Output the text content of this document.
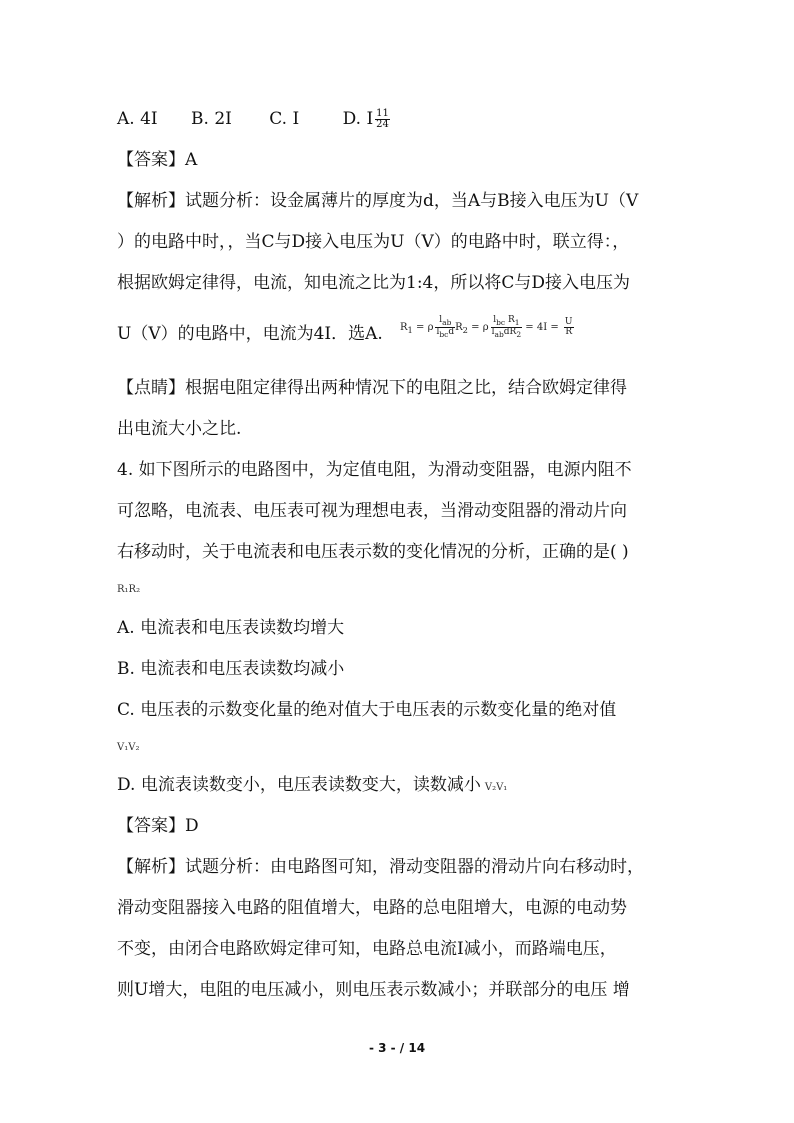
A. 4I B. 2I C. I	D. I $\frac{11}{24}$
【答案】A
【解析】试题分析：设金属薄片的厚度为d，当A与B接入电压为U（V
）的电路中时，，当C与D接入电压为U（V）的电路中时，联立得：，
根据欧姆定律得，电流，知电流之比为1:4，所以将C与D接入电压为
U（V）的电路中，电流为4I．选A. $R_1 = \rho \frac{l_{ab}}{l_{bc}d} R_2 = \rho \frac{l_{bc} R_1}{l_{ab}dR_2} = 4I = \frac{U}{R}$
【点睛】根据电阻定律得出两种情况下的电阻之比，结合欧姆定律得
出电流大小之比.
4. 如下图所示的电路图中，为定值电阻，为滑动变阻器，电源内阻不
可忽略，电流表、电压表可视为理想电表，当滑动变阻器的滑动片向
右移动时，关于电流表和电压表示数的变化情况的分析，正确的是( )
R₁R₂
A. 电流表和电压表读数均增大
B. 电流表和电压表读数均减小
C. 电压表的示数变化量的绝对值大于电压表的示数变化量的绝对值
V₁V₂
D. 电流表读数变小，电压表读数变大，读数减小 V₂V₁
【答案】D
【解析】试题分析：由电路图可知，滑动变阻器的滑动片向右移动时，
滑动变阻器接入电路的阻值增大，电路的总电阻增大，电源的电动势
不变，由闭合电路欧姆定律可知，电路总电流I减小，而路端电压，
则U增大，电阻的电压减小，则电压表示数减小；并联部分的电压 增
- 3 - / 14
